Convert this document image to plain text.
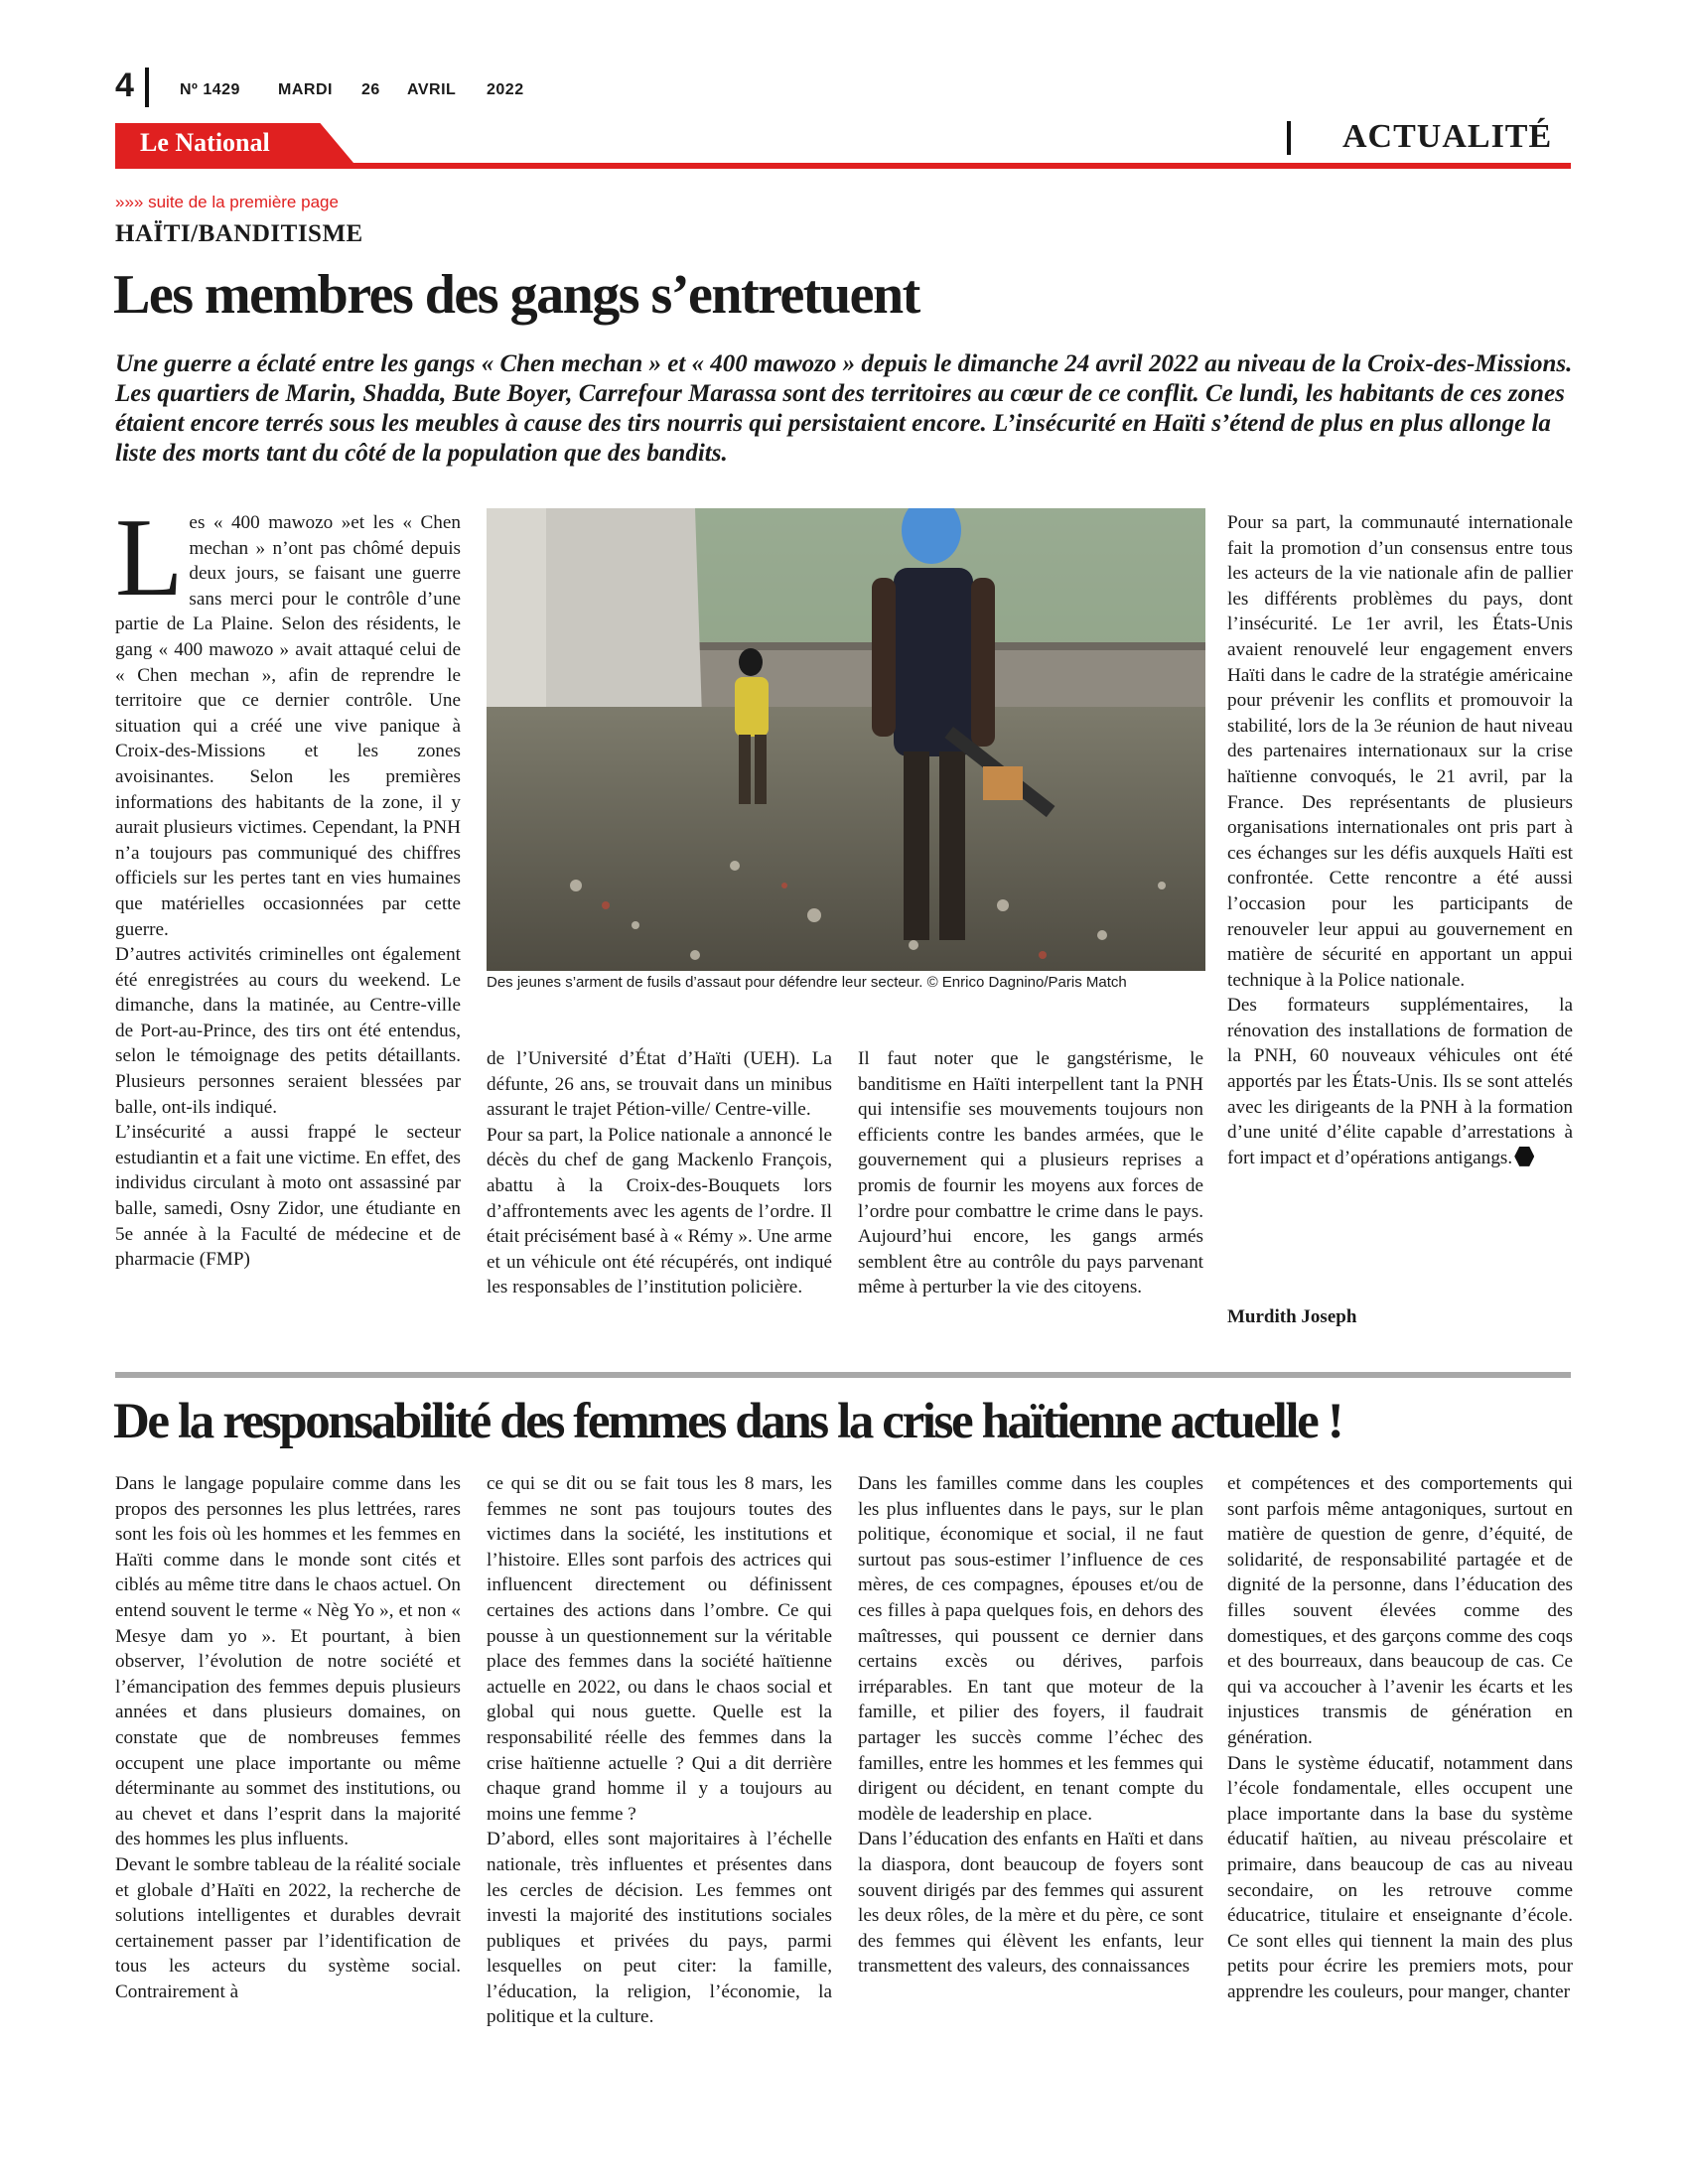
4	Nº 1429 MARDI 26 AVRIL 2022
Le National	ACTUALITÉ
»»» suite de la première page
HAÏTI/BANDITISME
Les membres des gangs s’entretuent

Une guerre a éclaté entre les gangs « Chen mechan » et « 400 mawozo » depuis le dimanche 24 avril 2022 au niveau de la Croix-des-Missions. Les quartiers de Marin, Shadda, Bute Boyer, Carrefour Marassa sont des territoires au cœur de ce conflit. Ce lundi, les habitants de ces zones étaient encore terrés sous les meubles à cause des tirs nourris qui persistaient encore. L’insécurité en Haïti s’étend de plus en plus allonge la liste des morts tant du côté de la population que des bandits.

Les « 400 mawozo »et les « Chen mechan » n’ont pas chômé depuis deux jours, se faisant une guerre sans merci pour le contrôle d’une partie de La Plaine. Selon des résidents, le gang « 400 mawozo » avait attaqué celui de « Chen mechan », afin de reprendre le territoire que ce dernier contrôle. Une situation qui a créé une vive panique à Croix-des-Missions et les zones avoisinantes. Selon les premières informations des habitants de la zone, il y aurait plusieurs victimes. Cependant, la PNH n’a toujours pas communiqué des chiffres officiels sur les pertes tant en vies humaines que matérielles occasionnées par cette guerre.

D’autres activités criminelles ont également été enregistrées au cours du weekend. Le dimanche, dans la matinée, au Centre-ville de Port-au-Prince, des tirs ont été entendus, selon le témoignage des petits détaillants. Plusieurs personnes seraient blessées par balle, ont-ils indiqué.

L’insécurité a aussi frappé le secteur estudiantin et a fait une victime. En effet, des individus circulant à moto ont assassiné par balle, samedi, Osny Zidor, une étudiante en 5e année à la Faculté de médecine et de pharmacie (FMP)

Des jeunes s’arment de fusils d’assaut pour défendre leur secteur. © Enrico Dagnino/Paris Match

de l’Université d’État d’Haïti (UEH). La défunte, 26 ans, se trouvait dans un minibus assurant le trajet Pétion-ville/ Centre-ville.

Pour sa part, la Police nationale a annoncé le décès du chef de gang Mackenlo François, abattu à la Croix-des-Bouquets lors d’affrontements avec les agents de l’ordre. Il était précisément basé à « Rémy ». Une arme et un véhicule ont été récupérés, ont indiqué les responsables de l’institution policière.

Il faut noter que le gangstérisme, le banditisme en Haïti interpellent tant la PNH qui intensifie ses mouvements toujours non efficients contre les bandes armées, que le gouvernement qui a plusieurs reprises a promis de fournir les moyens aux forces de l’ordre pour combattre le crime dans le pays. Aujourd’hui encore, les gangs armés semblent être au contrôle du pays parvenant même à perturber la vie des citoyens.

Pour sa part, la communauté internationale fait la promotion d’un consensus entre tous les acteurs de la vie nationale afin de pallier les différents problèmes du pays, dont l’insécurité. Le 1er avril, les États-Unis avaient renouvelé leur engagement envers Haïti dans le cadre de la stratégie américaine pour prévenir les conflits et promouvoir la stabilité, lors de la 3e réunion de haut niveau des partenaires internationaux sur la crise haïtienne convoqués, le 21 avril, par la France. Des représentants de plusieurs organisations internationales ont pris part à ces échanges sur les défis auxquels Haïti est confrontée. Cette rencontre a été aussi l’occasion pour les participants de renouveler leur appui au gouvernement en matière de sécurité en apportant un appui technique à la Police nationale.

Des formateurs supplémentaires, la rénovation des installations de formation de la PNH, 60 nouveaux véhicules ont été apportés par les États-Unis. Ils se sont attelés avec les dirigeants de la PNH à la formation d’une unité d’élite capable d’arrestations à fort impact et d’opérations antigangs.

Murdith Joseph
De la responsabilité des femmes dans la crise haïtienne actuelle !

Dans le langage populaire comme dans les propos des personnes les plus lettrées, rares sont les fois où les hommes et les femmes en Haïti comme dans le monde sont cités et ciblés au même titre dans le chaos actuel. On entend souvent le terme « Nèg Yo », et non « Mesye dam yo ». Et pourtant, à bien observer, l’évolution de notre société et l’émancipation des femmes depuis plusieurs années et dans plusieurs domaines, on constate que de nombreuses femmes occupent une place importante ou même déterminante au sommet des institutions, ou au chevet et dans l’esprit dans la majorité des hommes les plus influents.

Devant le sombre tableau de la réalité sociale et globale d’Haïti en 2022, la recherche de solutions intelligentes et durables devrait certainement passer par l’identification de tous les acteurs du système social. Contrairement à

ce qui se dit ou se fait tous les 8 mars, les femmes ne sont pas toujours toutes des victimes dans la société, les institutions et l’histoire. Elles sont parfois des actrices qui influencent directement ou définissent certaines des actions dans l’ombre. Ce qui pousse à un questionnement sur la véritable place des femmes dans la société haïtienne actuelle en 2022, ou dans le chaos social et global qui nous guette. Quelle est la responsabilité réelle des femmes dans la crise haïtienne actuelle ? Qui a dit derrière chaque grand homme il y a toujours au moins une femme ?

D’abord, elles sont majoritaires à l’échelle nationale, très influentes et présentes dans les cercles de décision. Les femmes ont investi la majorité des institutions sociales publiques et privées du pays, parmi lesquelles on peut citer: la famille, l’éducation, la religion, l’économie, la politique et la culture.

Dans les familles comme dans les couples les plus influentes dans le pays, sur le plan politique, économique et social, il ne faut surtout pas sous-estimer l’influence de ces mères, de ces compagnes, épouses et/ou de ces filles à papa quelques fois, en dehors des maîtresses, qui poussent ce dernier dans certains excès ou dérives, parfois irréparables. En tant que moteur de la famille, et pilier des foyers, il faudrait partager les succès comme l’échec des familles, entre les hommes et les femmes qui dirigent ou décident, en tenant compte du modèle de leadership en place.

Dans l’éducation des enfants en Haïti et dans la diaspora, dont beaucoup de foyers sont souvent dirigés par des femmes qui assurent les deux rôles, de la mère et du père, ce sont des femmes qui élèvent les enfants, leur transmettent des valeurs, des connaissances

et compétences et des comportements qui sont parfois même antagoniques, surtout en matière de question de genre, d’équité, de solidarité, de responsabilité partagée et de dignité de la personne, dans l’éducation des filles souvent élevées comme des domestiques, et des garçons comme des coqs et des bourreaux, dans beaucoup de cas. Ce qui va accoucher à l’avenir les écarts et les injustices transmis de génération en génération.

Dans le système éducatif, notamment dans l’école fondamentale, elles occupent une place importante dans la base du système éducatif haïtien, au niveau préscolaire et primaire, dans beaucoup de cas au niveau secondaire, on les retrouve comme éducatrice, titulaire et enseignante d’école. Ce sont elles qui tiennent la main des plus petits pour écrire les premiers mots, pour apprendre les couleurs, pour manger, chanter
